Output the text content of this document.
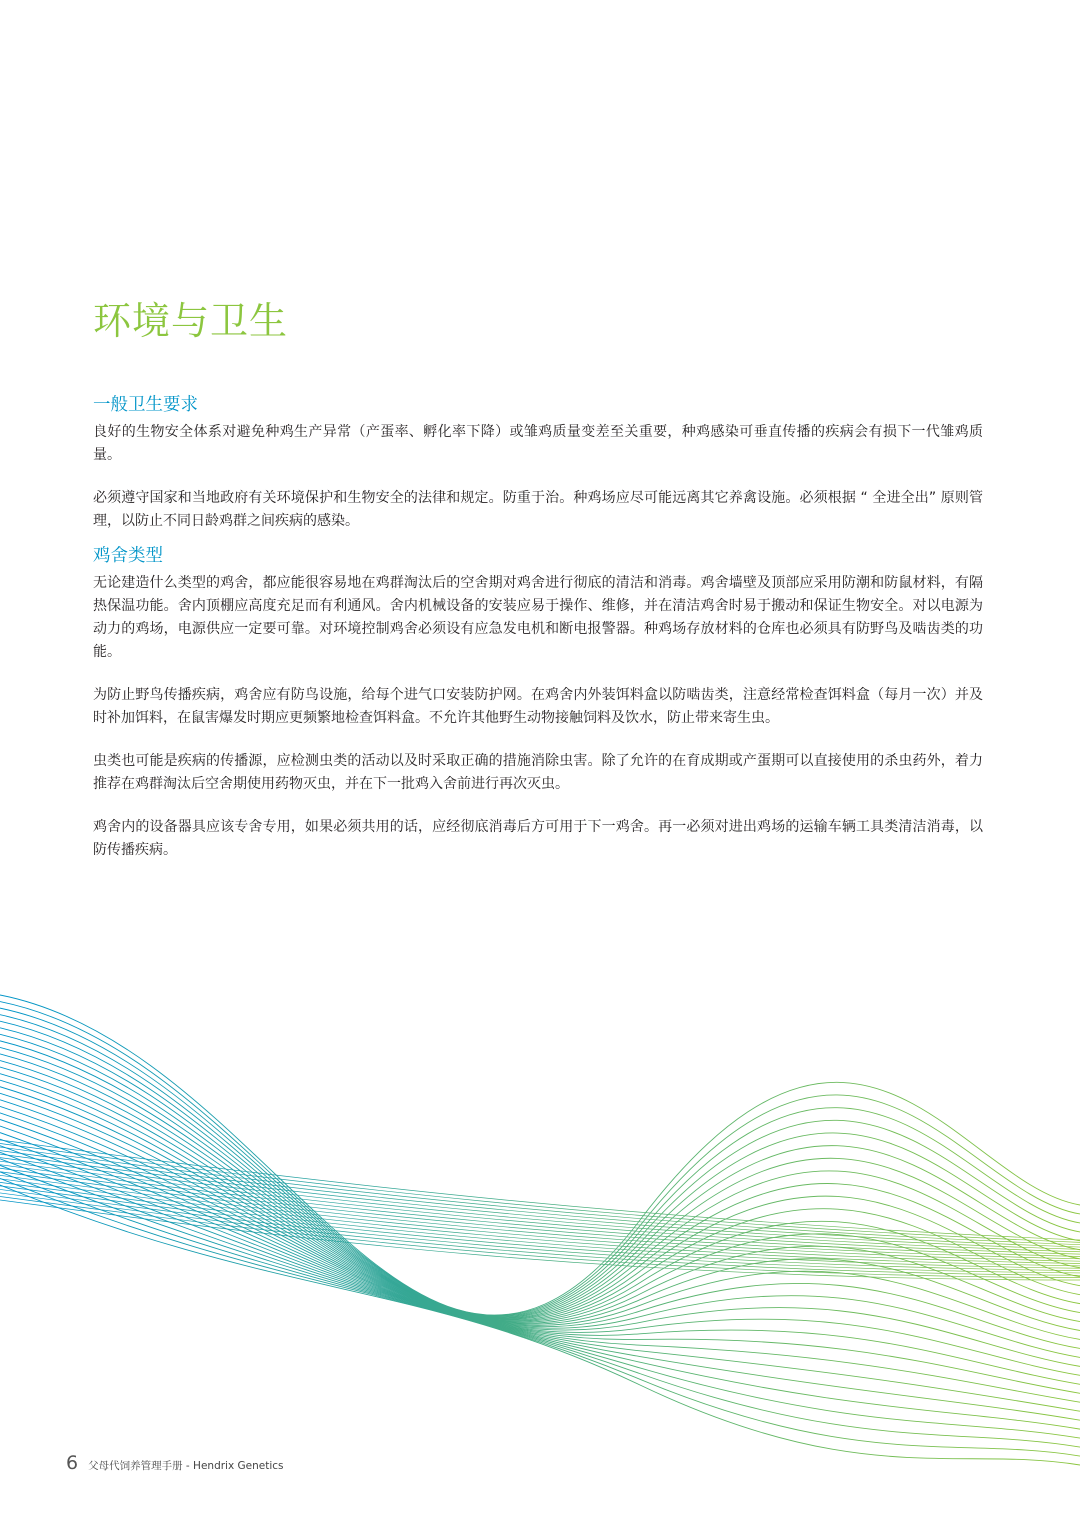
环境与卫生
一般卫生要求

良好的生物安全体系对避免种鸡生产异常（产蛋率、孵化率下降）或雏鸡质量变差至关重要，种鸡感染可垂直传播的疾病会有损下一代雏鸡质量。

必须遵守国家和当地政府有关环境保护和生物安全的法律和规定。防重于治。种鸡场应尽可能远离其它养禽设施。必须根据 “ 全进全出” 原则管理，以防止不同日龄鸡群之间疾病的感染。

鸡舍类型

无论建造什么类型的鸡舍，都应能很容易地在鸡群淘汰后的空舍期对鸡舍进行彻底的清洁和消毒。鸡舍墙壁及顶部应采用防潮和防鼠材料，有隔热保温功能。舍内顶棚应高度充足而有利通风。舍内机械设备的安装应易于操作、维修，并在清洁鸡舍时易于搬动和保证生物安全。对以电源为动力的鸡场，电源供应一定要可靠。对环境控制鸡舍必须设有应急发电机和断电报警器。种鸡场存放材料的仓库也必须具有防野鸟及啮齿类的功能。

为防止野鸟传播疾病，鸡舍应有防鸟设施，给每个进气口安装防护网。在鸡舍内外装饵料盒以防啮齿类，注意经常检查饵料盒（每月一次）并及时补加饵料，在鼠害爆发时期应更频繁地检查饵料盒。不允许其他野生动物接触饲料及饮水，防止带来寄生虫。

虫类也可能是疾病的传播源，应检测虫类的活动以及时采取正确的措施消除虫害。除了允许的在育成期或产蛋期可以直接使用的杀虫药外，着力推荐在鸡群淘汰后空舍期使用药物灭虫，并在下一批鸡入舍前进行再次灭虫。

鸡舍内的设备器具应该专舍专用，如果必须共用的话，应经彻底消毒后方可用于下一鸡舍。再一必须对进出鸡场的运输车辆工具类清洁消毒，以防传播疾病。

6 父母代饲养管理手册 - Hendrix Genetics
